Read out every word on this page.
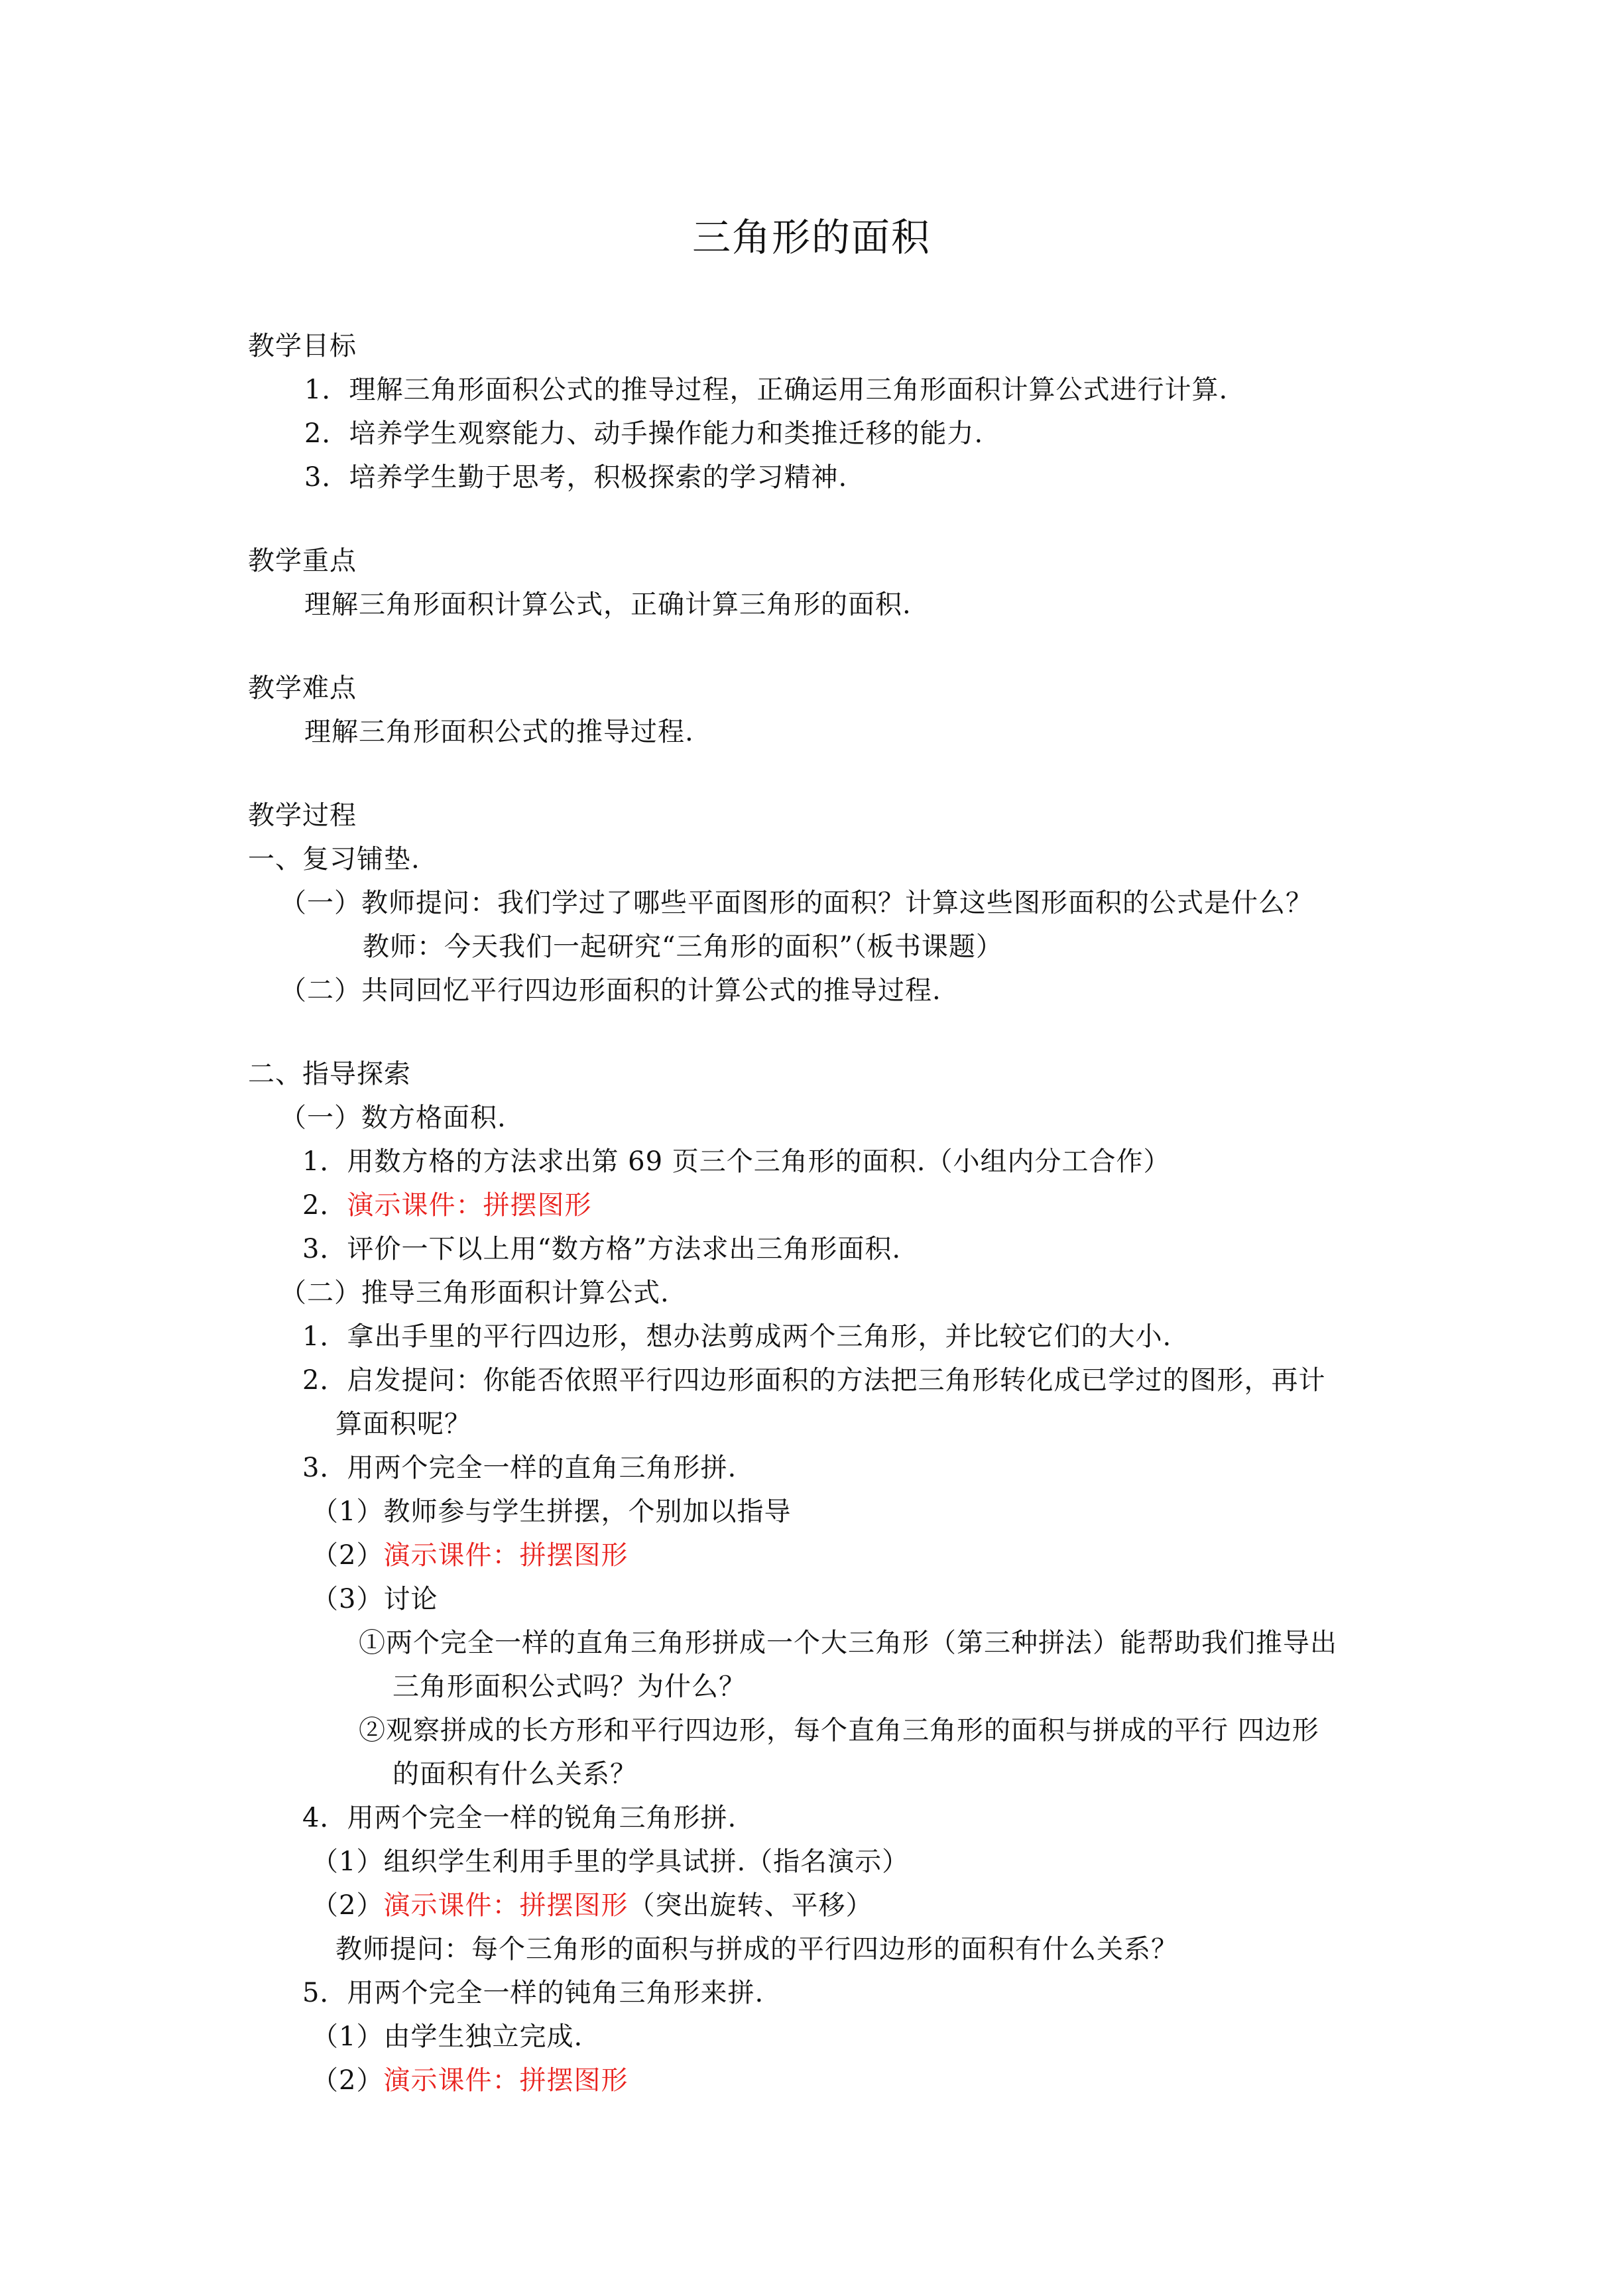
三角形的面积
教学目标
1．理解三角形面积公式的推导过程，正确运用三角形面积计算公式进行计算.
2．培养学生观察能力、动手操作能力和类推迁移的能力.
3．培养学生勤于思考，积极探索的学习精神.
教学重点
理解三角形面积计算公式，正确计算三角形的面积.
教学难点
理解三角形面积公式的推导过程.
教学过程
一、复习铺垫.
（一）教师提问：我们学过了哪些平面图形的面积？计算这些图形面积的公式是什么？
教师：今天我们一起研究“三角形的面积”（板书课题）
（二）共同回忆平行四边形面积的计算公式的推导过程.
二、指导探索
（一）数方格面积.
1．用数方格的方法求出第 69 页三个三角形的面积.（小组内分工合作）
2．演示课件：拼摆图形
3．评价一下以上用“数方格”方法求出三角形面积.
（二）推导三角形面积计算公式.
1．拿出手里的平行四边形，想办法剪成两个三角形，并比较它们的大小.
2．启发提问：你能否依照平行四边形面积的方法把三角形转化成已学过的图形，再计
算面积呢？
3．用两个完全一样的直角三角形拼.
（1）教师参与学生拼摆，个别加以指导
（2）演示课件：拼摆图形
（3）讨论
①两个完全一样的直角三角形拼成一个大三角形（第三种拼法）能帮助我们推导出
三角形面积公式吗？为什么？
②观察拼成的长方形和平行四边形，每个直角三角形的面积与拼成的平行 四边形
的面积有什么关系？
4．用两个完全一样的锐角三角形拼.
（1）组织学生利用手里的学具试拼.（指名演示）
（2）演示课件：拼摆图形（突出旋转、平移）
教师提问：每个三角形的面积与拼成的平行四边形的面积有什么关系？
5．用两个完全一样的钝角三角形来拼.
（1）由学生独立完成.
（2）演示课件：拼摆图形
